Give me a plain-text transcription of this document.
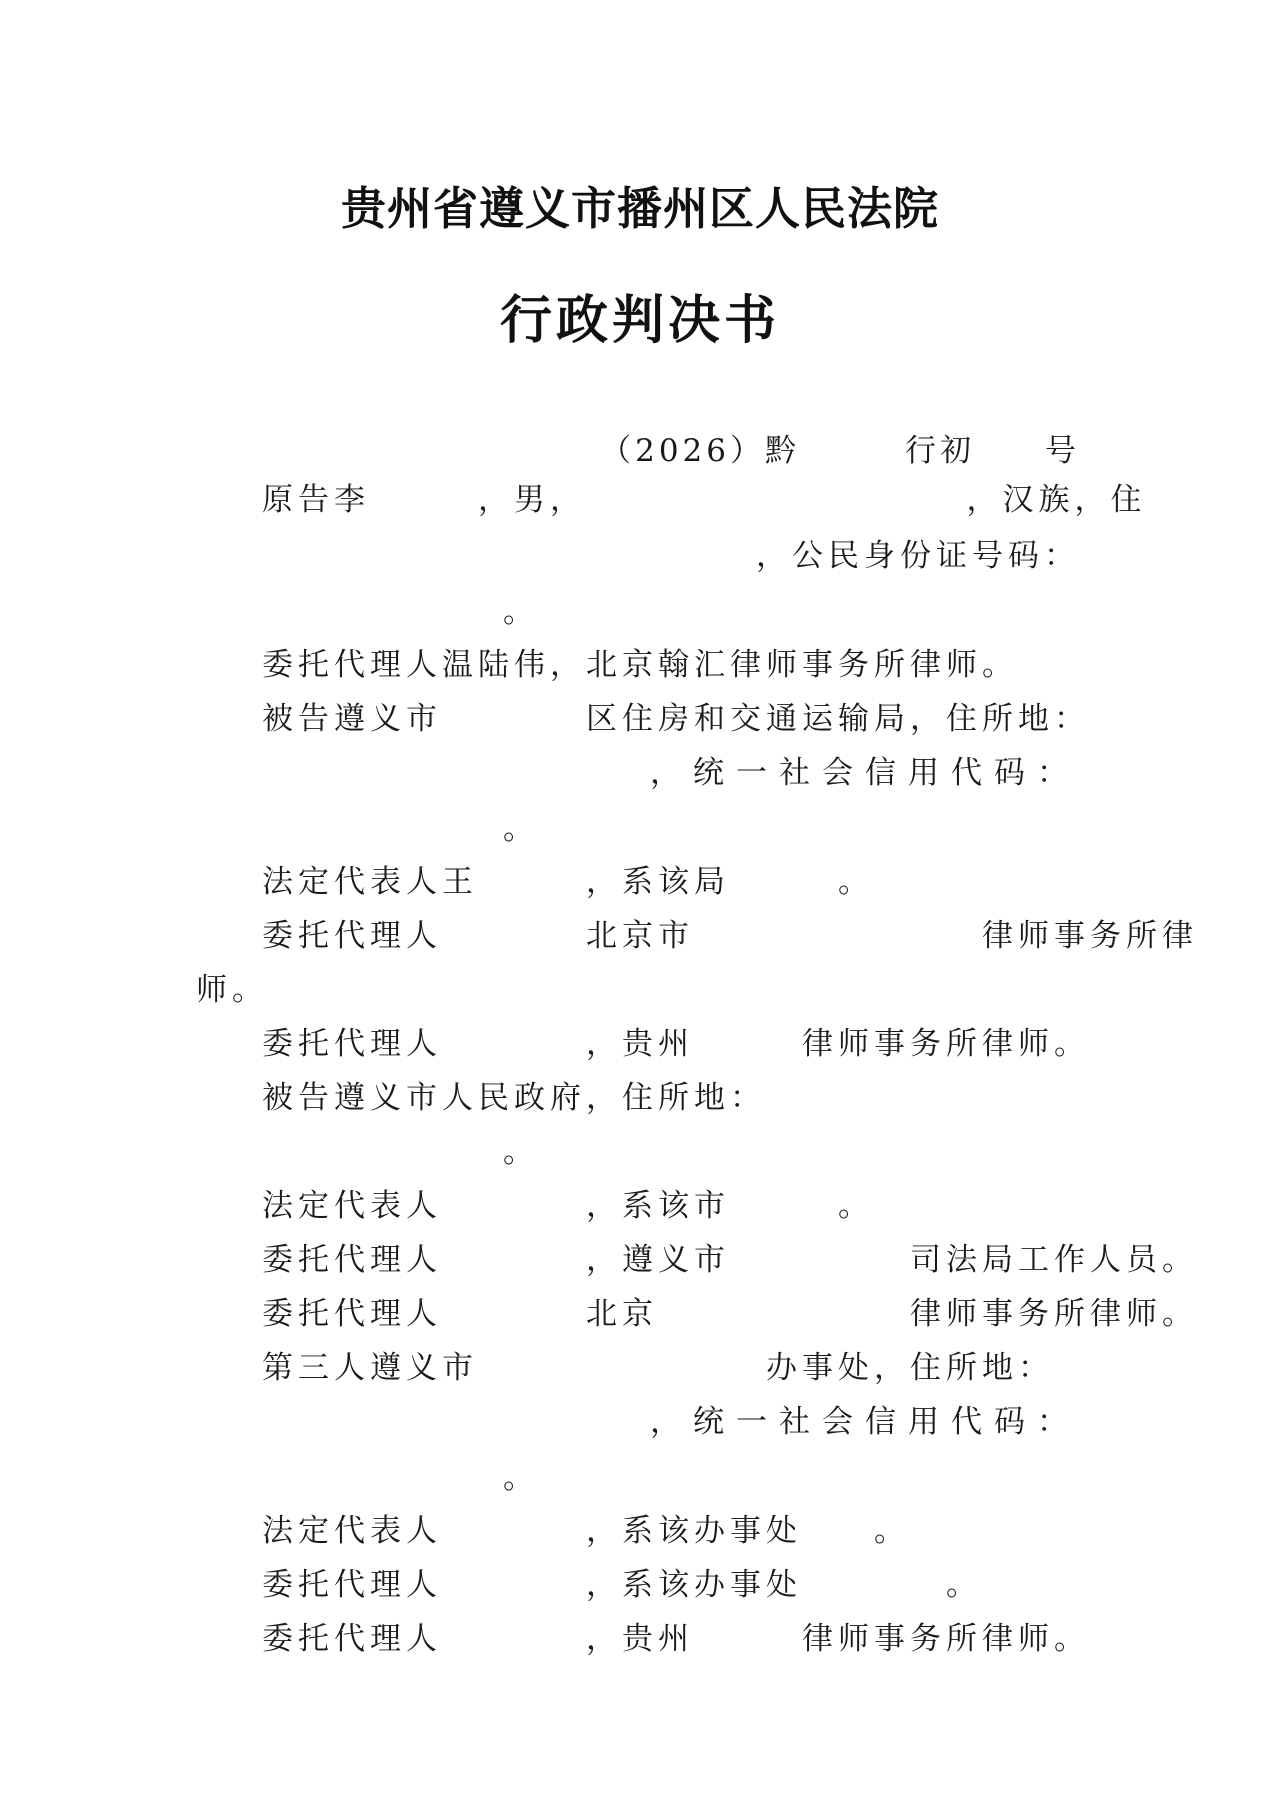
贵州省遵义市播州区人民法院
行政判决书
（2026）黔　　　行初　　号
原告李　　　，男，　　　　　　　　　　　，汉族，住
，公民身份证号码：
。
委托代理人温陆伟，北京翰汇律师事务所律师。
被告遵义市　　　　区住房和交通运输局，住所地：
，统一社会信用代码：
。
法定代表人王　　　，系该局　　　。
委托代理人　　　　北京市　　　　　　　　律师事务所律
师。
委托代理人　　　　，贵州　　　律师事务所律师。
被告遵义市人民政府，住所地：
。
法定代表人　　　　，系该市　　　。
委托代理人　　　　，遵义市　　　　　司法局工作人员。
委托代理人　　　　北京　　　　　　　律师事务所律师。
第三人遵义市　　　　　　　　办事处，住所地：
，统一社会信用代码：
。
法定代表人　　　　，系该办事处　　。
委托代理人　　　　，系该办事处　　　　。
委托代理人　　　　，贵州　　　律师事务所律师。
